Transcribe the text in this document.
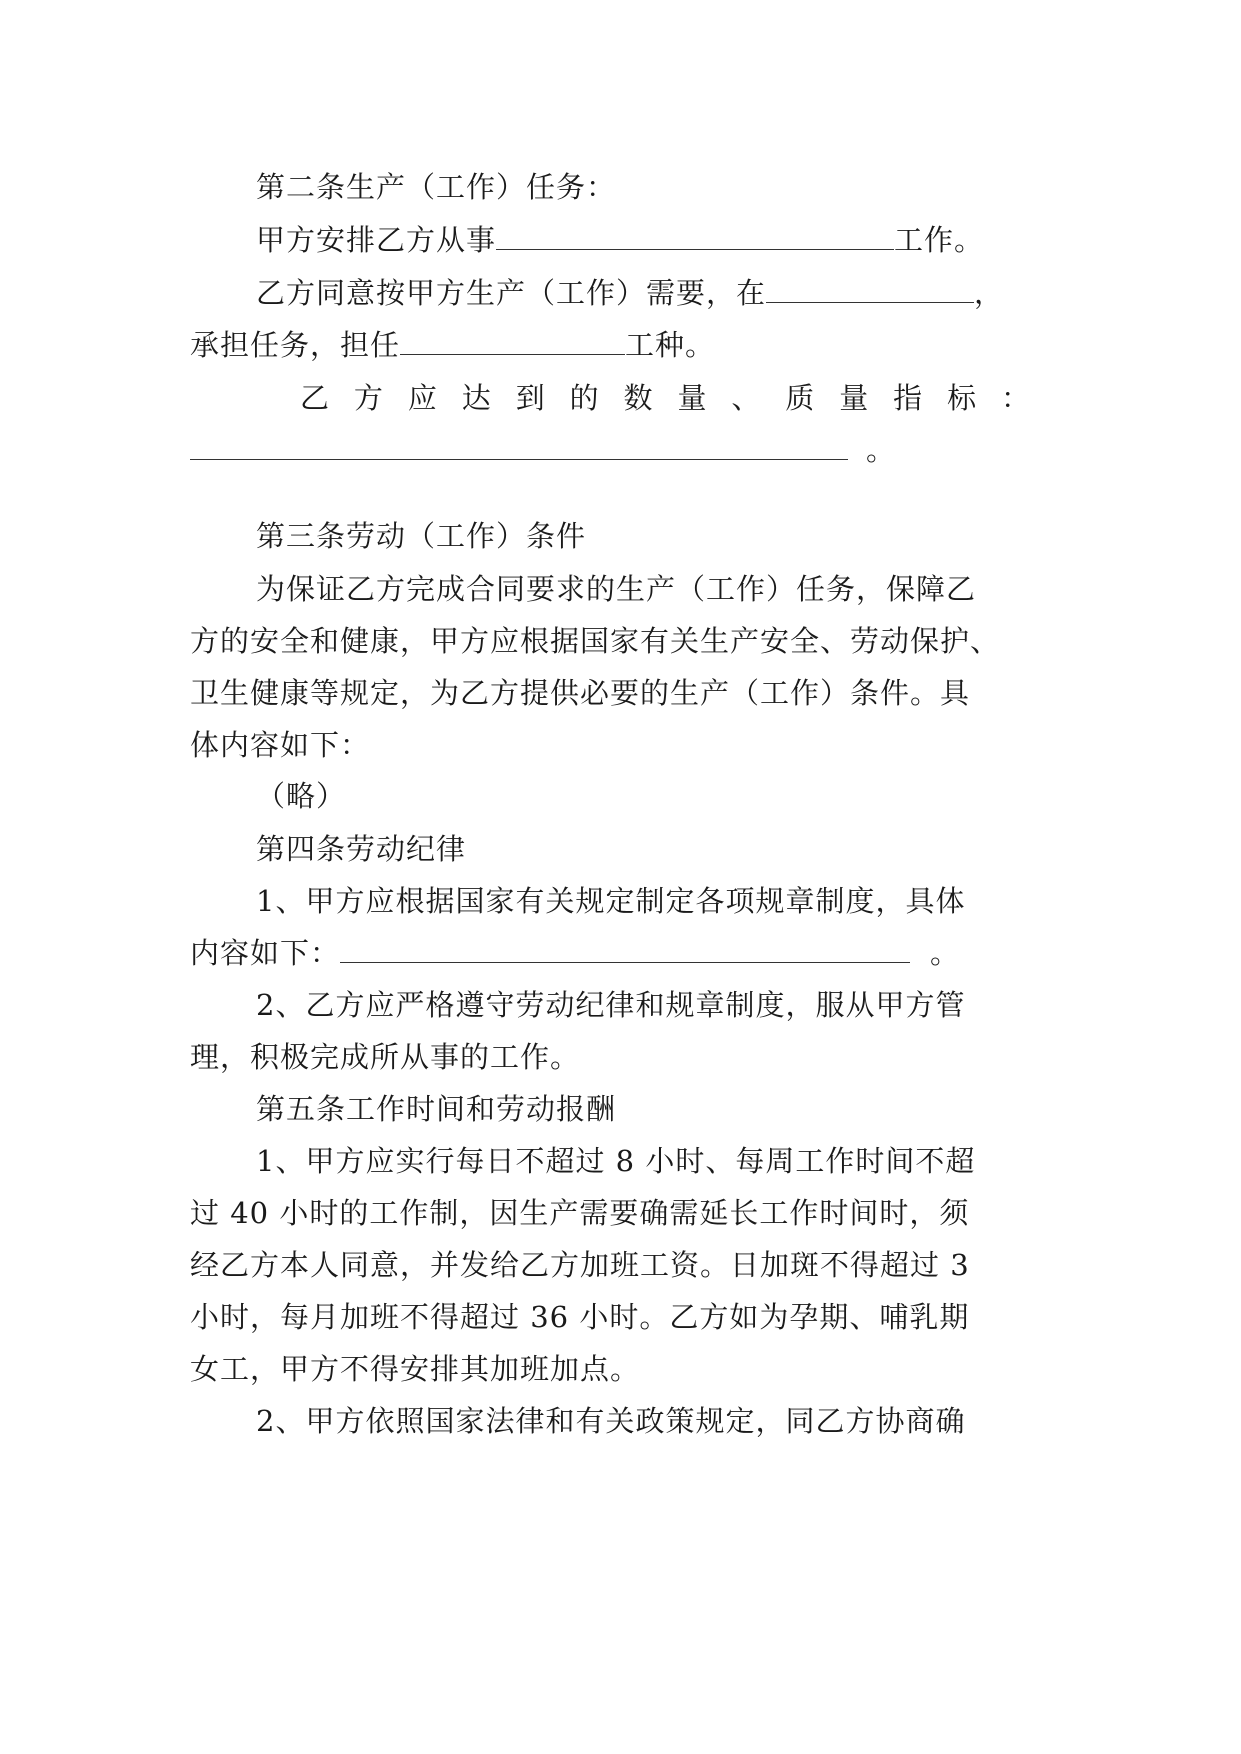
第二条生产（工作）任务：
甲方安排乙方从事	工作。
乙方同意按甲方生产（工作）需要，在	，
承担任务，担任	工种。
乙 方 应 达 到 的 数 量 、 质 量 指 标 ：
。
第三条劳动（工作）条件
为保证乙方完成合同要求的生产（工作）任务，保障乙
方的安全和健康，甲方应根据国家有关生产安全、劳动保护、
卫生健康等规定，为乙方提供必要的生产（工作）条件。具
体内容如下：
（略）
第四条劳动纪律
1、甲方应根据国家有关规定制定各项规章制度，具体
内容如下：	。
2、乙方应严格遵守劳动纪律和规章制度，服从甲方管
理，积极完成所从事的工作。
第五条工作时间和劳动报酬
1、甲方应实行每日不超过 8 小时、每周工作时间不超
过 40 小时的工作制，因生产需要确需延长工作时间时，须
经乙方本人同意，并发给乙方加班工资。日加斑不得超过 3
小时，每月加班不得超过 36 小时。乙方如为孕期、哺乳期
女工，甲方不得安排其加班加点。
2、甲方依照国家法律和有关政策规定，同乙方协商确
